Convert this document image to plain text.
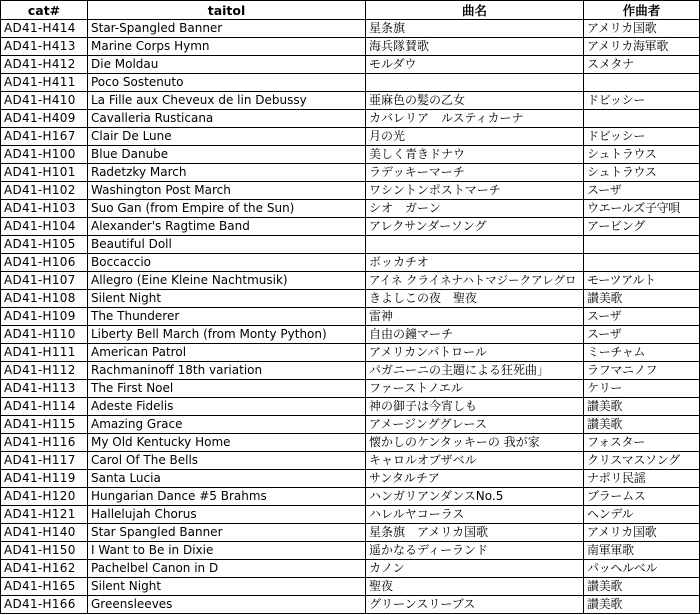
cat#	taitol	曲名	作曲者
AD41-H414	Star-Spangled Banner	星条旗	アメリカ国歌
AD41-H413	Marine Corps Hymn	海兵隊賛歌	アメリカ海軍歌
AD41-H412	Die Moldau	モルダウ	スメタナ
AD41-H411	Poco Sostenuto		
AD41-H410	La Fille aux Cheveux de lin Debussy	亜麻色の髪の乙女	ドビッシー
AD41-H409	Cavalleria Rusticana	カバレリア　ルスティカーナ	
AD41-H167	Clair De Lune	月の光	ドビッシー
AD41-H100	Blue Danube	美しく青きドナウ	シュトラウス
AD41-H101	Radetzky March	ラデッキーマーチ	シュトラウス
AD41-H102	Washington Post March	ワシントンポストマーチ	スーザ
AD41-H103	Suo Gan (from Empire of the Sun)	シオ　ガーン	ウエールズ子守唄
AD41-H104	Alexander's Ragtime Band	アレクサンダーソング	アービング
AD41-H105	Beautiful Doll		
AD41-H106	Boccaccio	ボッカチオ	
AD41-H107	Allegro (Eine Kleine Nachtmusik)	アイネ クライネナハトマジークアレグロ	モーツアルト
AD41-H108	Silent Night	きよしこの夜　聖夜	讃美歌
AD41-H109	The Thunderer	雷神	スーザ
AD41-H110	Liberty Bell March (from Monty Python)	自由の鐘マーチ	スーザ
AD41-H111	American Patrol	アメリカンパトロール	ミーチャム
AD41-H112	Rachmaninoff 18th variation	パガニーニの主題による狂死曲」	ラフマニノフ
AD41-H113	The First Noel	ファーストノエル	ケリー
AD41-H114	Adeste Fidelis	神の御子は今宵しも	讃美歌
AD41-H115	Amazing Grace	アメージンググレース	讃美歌
AD41-H116	My Old Kentucky Home	懐かしのケンタッキーの 我が家	フォスター
AD41-H117	Carol Of The Bells	キャロルオブザベル	クリスマスソング
AD41-H119	Santa Lucia	サンタルチア	ナポリ民謡
AD41-H120	Hungarian Dance #5 Brahms	ハンガリアンダンスNo.5	ブラームス
AD41-H121	Hallelujah Chorus	ハレルヤコーラス	ヘンデル
AD41-H140	Star Spangled Banner	星条旗　アメリカ国歌	アメリカ国歌
AD41-H150	I Want to Be in Dixie	遥かなるディーランド	南軍軍歌
AD41-H162	Pachelbel Canon in D	カノン	パッヘルベル
AD41-H165	Silent Night	聖夜	讃美歌
AD41-H166	Greensleeves	グリーンスリーブス	讃美歌
